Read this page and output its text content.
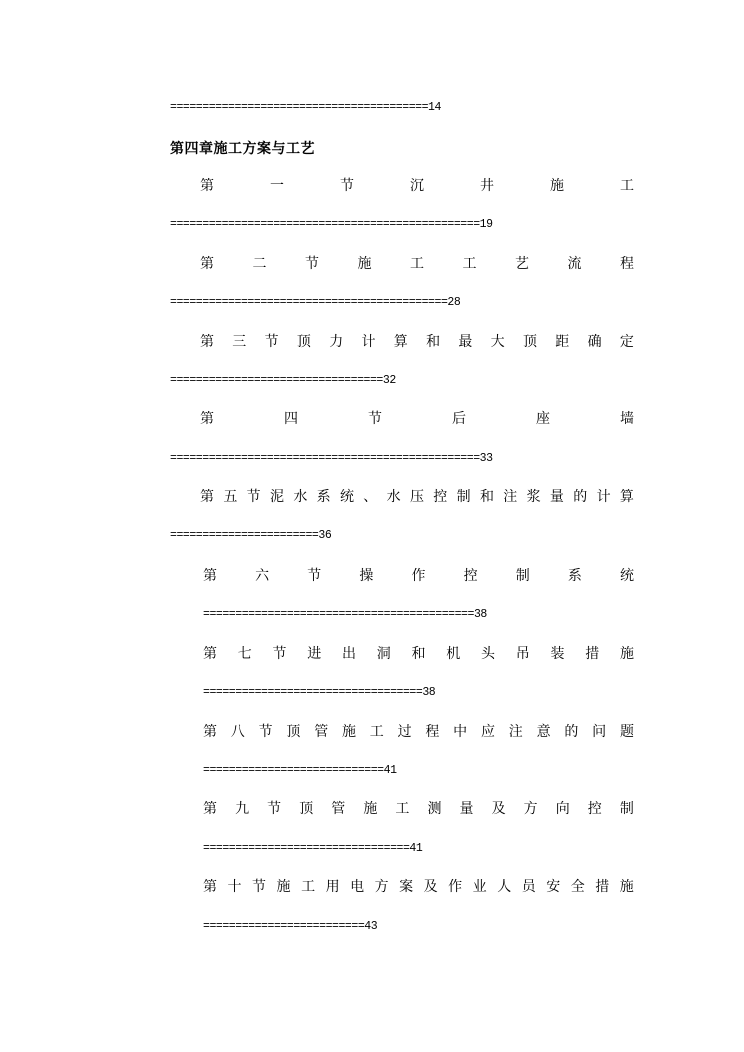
========================================14
第四章施工方案与工艺
第	一	节	沉	井	施	工
================================================19
第	二	节	施	工	工	艺	流	程
===========================================28
第 三 节 顶 力 计 算 和 最 大 顶 距 确 定
=================================32
第	四	节	后	座	墙
================================================33
第 五 节 泥 水 系 统 、 水 压 控 制 和 注 浆 量 的 计 算
=======================36
第	六	节	操	作	控	制	系	统
==========================================38
第 七 节 进 出 洞 和 机 头 吊 装 措 施
==================================38
第 八 节 顶 管 施 工 过 程 中 应 注 意 的 问 题
============================41
第 九 节 顶 管 施 工 测 量 及 方 向 控 制
================================41
第 十 节 施 工 用 电 方 案 及 作 业 人 员 安 全 措 施
=========================43
